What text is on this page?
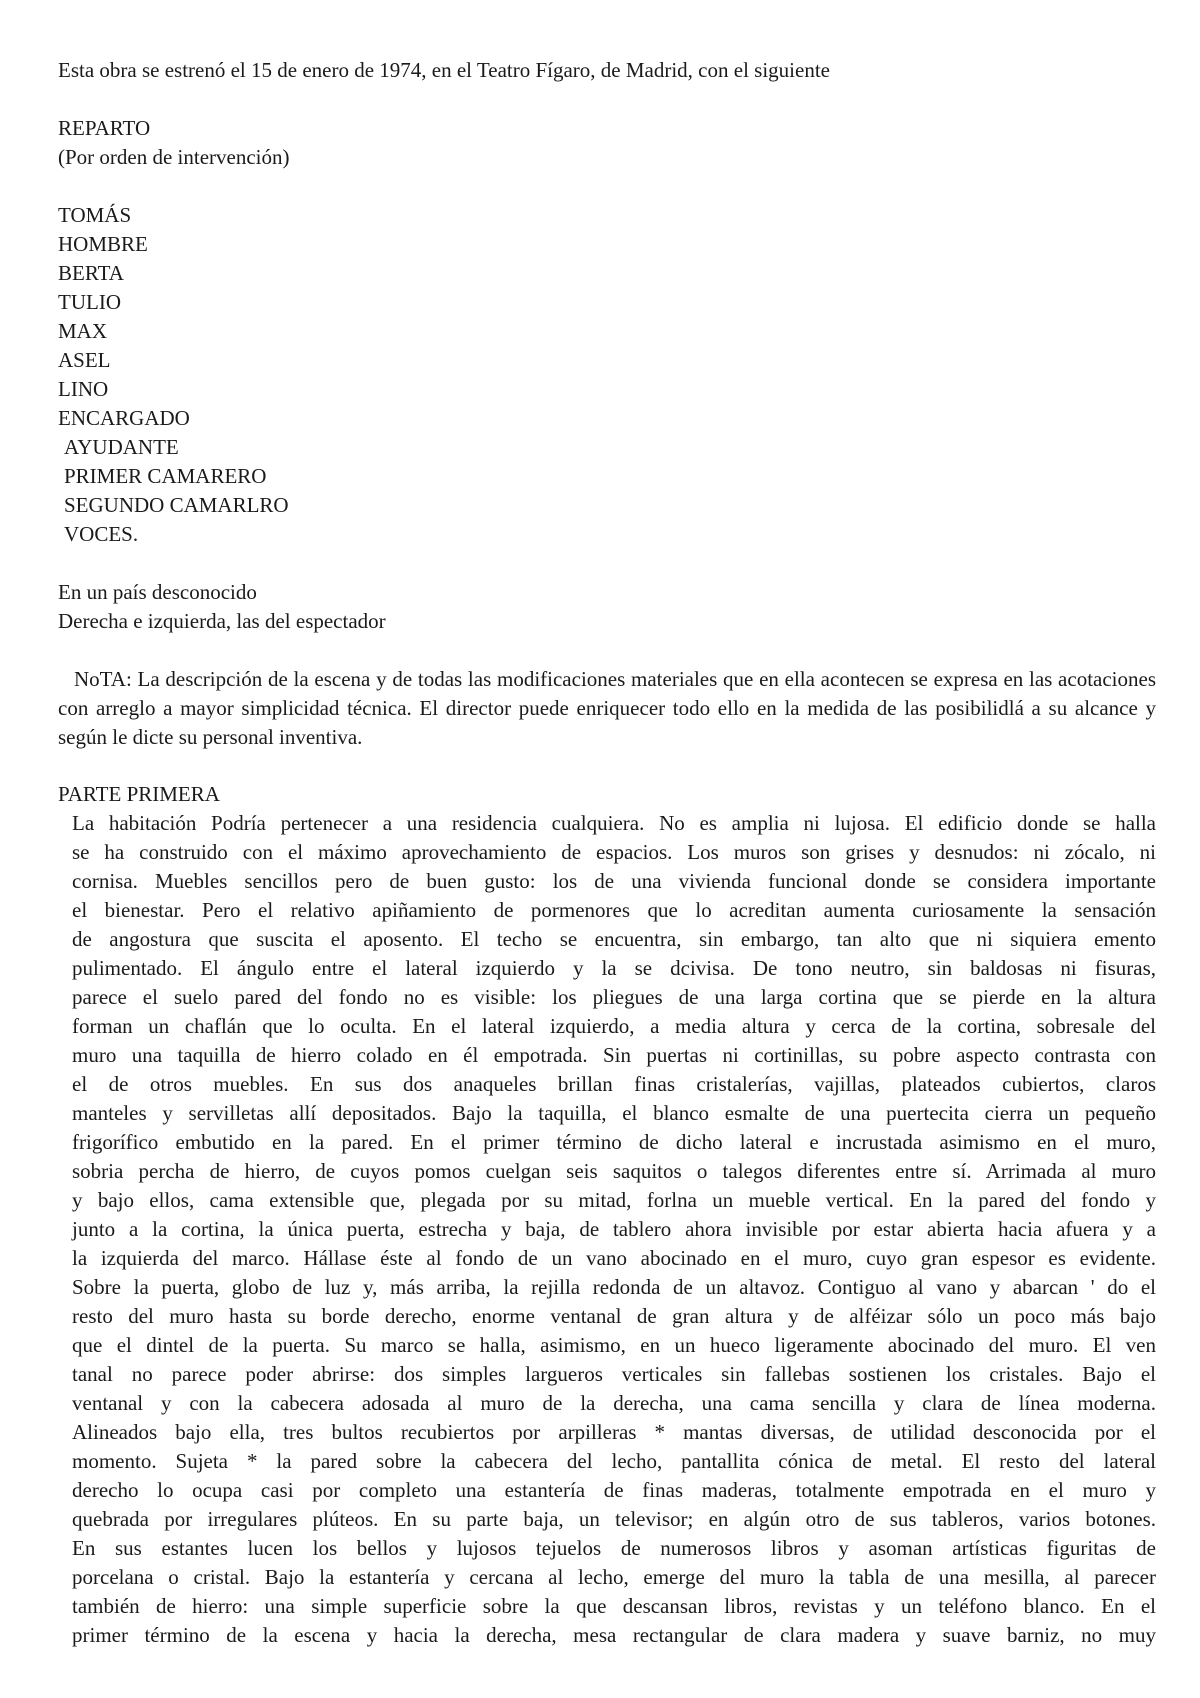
Esta obra se estrenó el 15 de enero de 1974, en el Teatro Fígaro, de Madrid, con el siguiente
REPARTO
(Por orden de intervención)
TOMÁS
HOMBRE
BERTA
TULIO
MAX
ASEL
LINO
ENCARGADO
AYUDANTE
PRIMER CAMARERO
SEGUNDO CAMARLRO
VOCES.
En un país desconocido
Derecha e izquierda, las del espectador

NoTA: La descripción de la escena y de todas las modificaciones materiales que en ella acontecen se expresa en las acotaciones con arreglo a mayor simplicidad técnica. El director puede enriquecer todo ello en la medida de las posibilidlá a su alcance y según le dicte su personal inventiva.

PARTE PRIMERA

La habitación Podría pertenecer a una residencia cualquiera. No es amplia ni lujosa. El edificio donde se halla

se ha construido con el máximo aprovechamiento de espacios. Los muros son grises y desnudos: ni zócalo, ni

cornisa. Muebles sencillos pero de buen gusto: los de una vivienda funcional donde se considera importante

el bienestar. Pero el relativo apiñamiento de pormenores que lo acreditan aumenta curiosamente la sensación

de angostura que suscita el aposento. El techo se encuentra, sin embargo, tan alto que ni siquiera emento

pulimentado. El ángulo entre el lateral izquierdo y la se dcivisa. De tono neutro, sin baldosas ni fisuras,

parece el suelo pared del fondo no es visible: los pliegues de una larga cortina que se pierde en la altura

forman un chaflán que lo oculta. En el lateral izquierdo, a media altura y cerca de la cortina, sobresale del

muro una taquilla de hierro colado en él empotrada. Sin puertas ni cortinillas, su pobre aspecto contrasta con

el de otros muebles. En sus dos anaqueles brillan finas cristalerías, vajillas, plateados cubiertos, claros

manteles y servilletas allí depositados. Bajo la taquilla, el blanco esmalte de una puertecita cierra un pequeño

frigorífico embutido en la pared. En el primer término de dicho lateral e incrustada asimismo en el muro,

sobria percha de hierro, de cuyos pomos cuelgan seis saquitos o talegos diferentes entre sí. Arrimada al muro

y bajo ellos, cama extensible que, plegada por su mitad, forlna un mueble vertical. En la pared del fondo y

junto a la cortina, la única puerta, estrecha y baja, de tablero ahora invisible por estar abierta hacia afuera y a

la izquierda del marco. Hállase éste al fondo de un vano abocinado en el muro, cuyo gran espesor es evidente.

Sobre la puerta, globo de luz y, más arriba, la rejilla redonda de un altavoz. Contiguo al vano y abarcan ' do el

resto del muro hasta su borde derecho, enorme ventanal de gran altura y de alféizar sólo un poco más bajo

que el dintel de la puerta. Su marco se halla, asimismo, en un hueco ligeramente abocinado del muro. El ven

tanal no parece poder abrirse: dos simples largueros verticales sin fallebas sostienen los cristales. Bajo el

ventanal y con la cabecera adosada al muro de la derecha, una cama sencilla y clara de línea moderna.

Alineados bajo ella, tres bultos recubiertos por arpilleras * mantas diversas, de utilidad desconocida por el

momento. Sujeta * la pared sobre la cabecera del lecho, pantallita cónica de metal. El resto del lateral

derecho lo ocupa casi por completo una estantería de finas maderas, totalmente empotrada en el muro y

quebrada por irregulares plúteos. En su parte baja, un televisor; en algún otro de sus tableros, varios botones.

En sus estantes lucen los bellos y lujosos tejuelos de numerosos libros y asoman artísticas figuritas de

porcelana o cristal. Bajo la estantería y cercana al lecho, emerge del muro la tabla de una mesilla, al parecer

también de hierro: una simple superficie sobre la que descansan libros, revistas y un teléfono blanco. En el

primer término de la escena y hacia la derecha, mesa rectangular de clara madera y suave barniz, no muy
